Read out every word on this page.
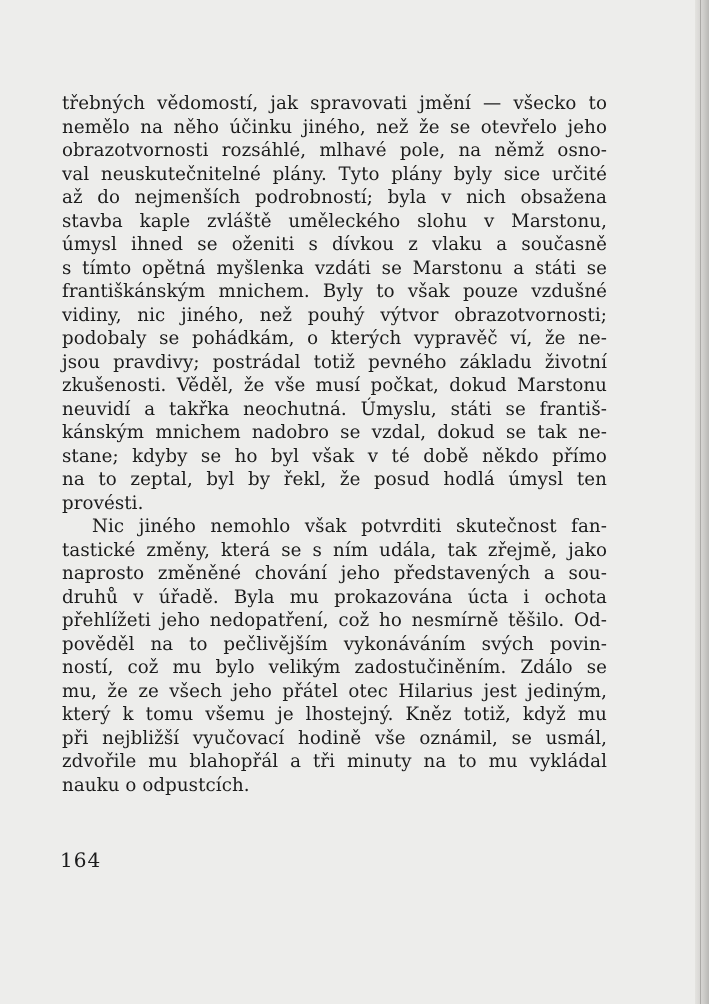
třebných vědomostí, jak spravovati jmění — všecko to
nemělo na něho účinku jiného, než že se otevřelo jeho
obrazotvornosti rozsáhlé, mlhavé pole, na němž osno-
val neuskutečnitelné plány. Tyto plány byly sice určité
až do nejmenších podrobností; byla v nich obsažena
stavba kaple zvláště uměleckého slohu v Marstonu,
úmysl ihned se oženiti s dívkou z vlaku a současně
s tímto opětná myšlenka vzdáti se Marstonu a státi se
františkánským mnichem. Byly to však pouze vzdušné
vidiny, nic jiného, než pouhý výtvor obrazotvornosti;
podobaly se pohádkám, o kterých vypravěč ví, že ne-
jsou pravdivy; postrádal totiž pevného základu životní
zkušenosti. Věděl, že vše musí počkat, dokud Marstonu
neuvidí a takřka neochutná. Úmyslu, státi se františ-
kánským mnichem nadobro se vzdal, dokud se tak ne-
stane; kdyby se ho byl však v té době někdo přímo
na to zeptal, byl by řekl, že posud hodlá úmysl ten
provésti.
Nic jiného nemohlo však potvrditi skutečnost fan-
tastické změny, která se s ním udála, tak zřejmě, jako
naprosto změněné chování jeho představených a sou-
druhů v úřadě. Byla mu prokazována úcta i ochota
přehlížeti jeho nedopatření, což ho nesmírně těšilo. Od-
pověděl na to pečlivějším vykonáváním svých povin-
ností, což mu bylo velikým zadostučiněním. Zdálo se
mu, že ze všech jeho přátel otec Hilarius jest jediným,
který k tomu všemu je lhostejný. Kněz totiž, když mu
při nejbližší vyučovací hodině vše oznámil, se usmál,
zdvořile mu blahopřál a tři minuty na to mu vykládal
nauku o odpustcích.
164
